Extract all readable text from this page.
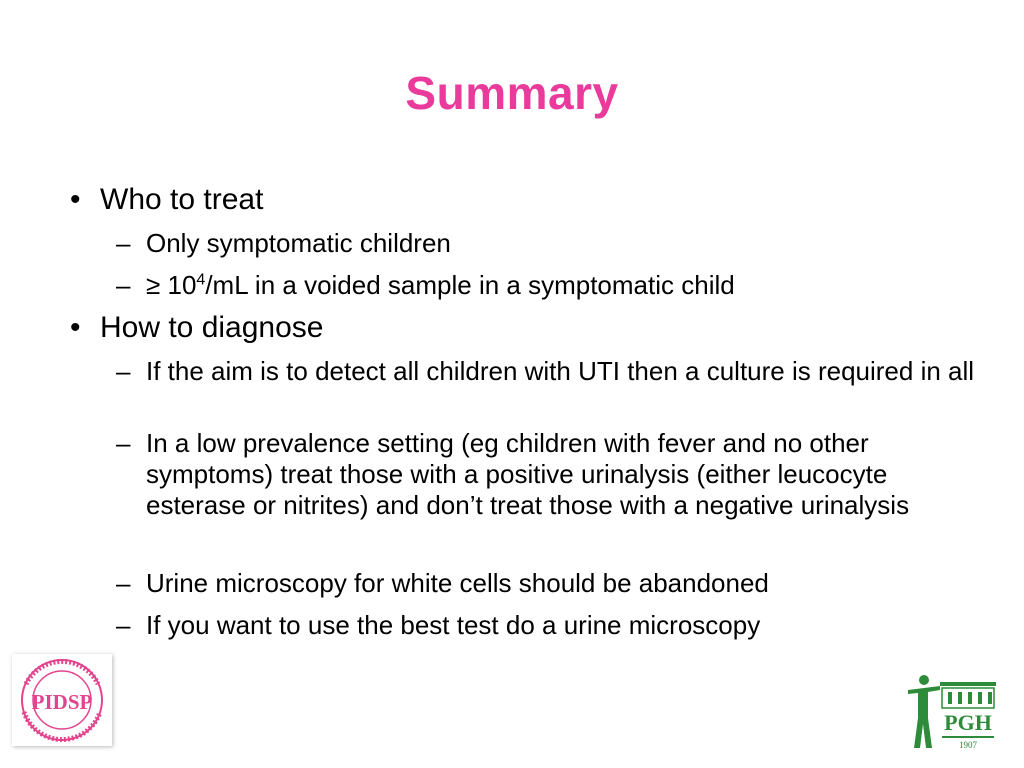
Summary
• Who to treat
– Only symptomatic children
– ≥ $10^4/mL$ in a voided sample in a symptomatic child
• How to diagnose
– If the aim is to detect all children with UTI then a culture is required in all
– In a low prevalence setting (eg children with fever and no other symptoms) treat those with a positive urinalysis (either leucocyte esterase or nitrites) and don’t treat those with a negative urinalysis
– Urine microscopy for white cells should be abandoned
– If you want to use the best test do a urine microscopy
PIDSP
PGH
1907
